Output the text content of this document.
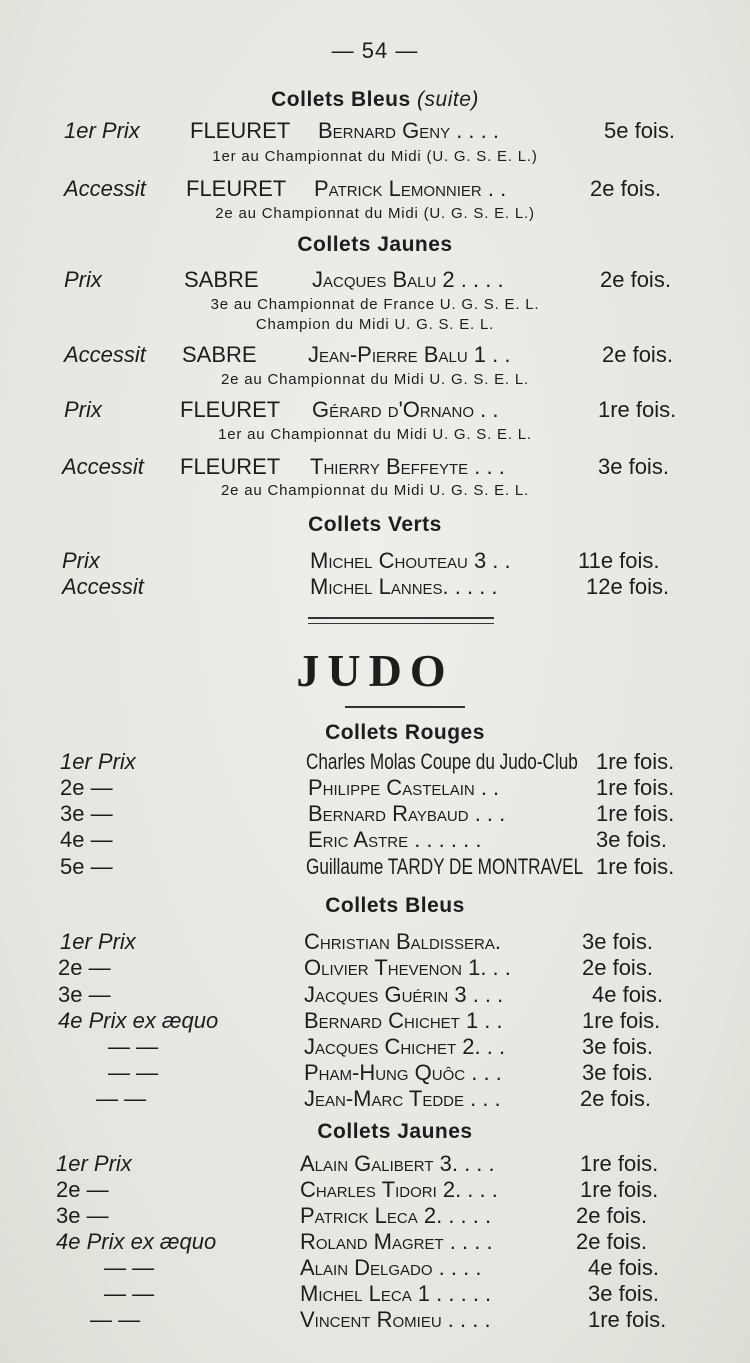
— 54 —
Collets Bleus (suite)
1er Prix FLEURET Bernard Geny . . . .	5e fois.
1er au Championnat du Midi (U. G. S. E. L.)
Accessit FLEURET Patrick Lemonnier . .	2e fois.
2e au Championnat du Midi (U. G. S. E. L.)
Collets Jaunes
Prix	SABRE Jacques Balu 2 . . . .	2e fois.
3e au Championnat de France U. G. S. E. L.
Champion du Midi U. G. S. E. L.
Accessit SABRE Jean-Pierre Balu 1 . .	2e fois.
2e au Championnat du Midi U. G. S. E. L.
Prix	FLEURET Gérard d'Ornano . .	1re fois.
1er au Championnat du Midi U. G. S. E. L.
Accessit FLEURET Thierry Beffeyte . . .	3e fois.
2e au Championnat du Midi U. G. S. E. L.
Collets Verts
Prix	Michel Chouteau 3 . .	11e fois.
Accessit	Michel Lannes. . . . .	12e fois.
JUDO
Collets Rouges
1er Prix	Charles Molas Coupe du Judo-Club 1re fois.
2e —	Philippe Castelain . .	1re fois.
3e —	Bernard Raybaud . . .	1re fois.
4e —	Eric Astre . . . . . .	3e fois.
5e —	Guillaume TARDY DE MONTRAVEL 1re fois.
Collets Bleus
1er Prix	Christian Baldissera.	3e fois.
2e —	Olivier Thevenon 1. . .	2e fois.
3e —	Jacques Guérin 3 . . .	4e fois.
4e Prix ex æquo	Bernard Chichet 1 . .	1re fois.
— —	Jacques Chichet 2. . .	3e fois.
— —	Pham-Hung Quôc . . .	3e fois.
— —	Jean-Marc Tedde . . .	2e fois.
Collets Jaunes
1er Prix	Alain Galibert 3. . . .	1re fois.
2e —	Charles Tidori 2. . . .	1re fois.
3e —	Patrick Leca 2. . . . .	2e fois.
4e Prix ex æquo	Roland Magret . . . .	2e fois.
— —	Alain Delgado . . . .	4e fois.
— —	Michel Leca 1 . . . . .	3e fois.
— —	Vincent Romieu . . . .	1re fois.
